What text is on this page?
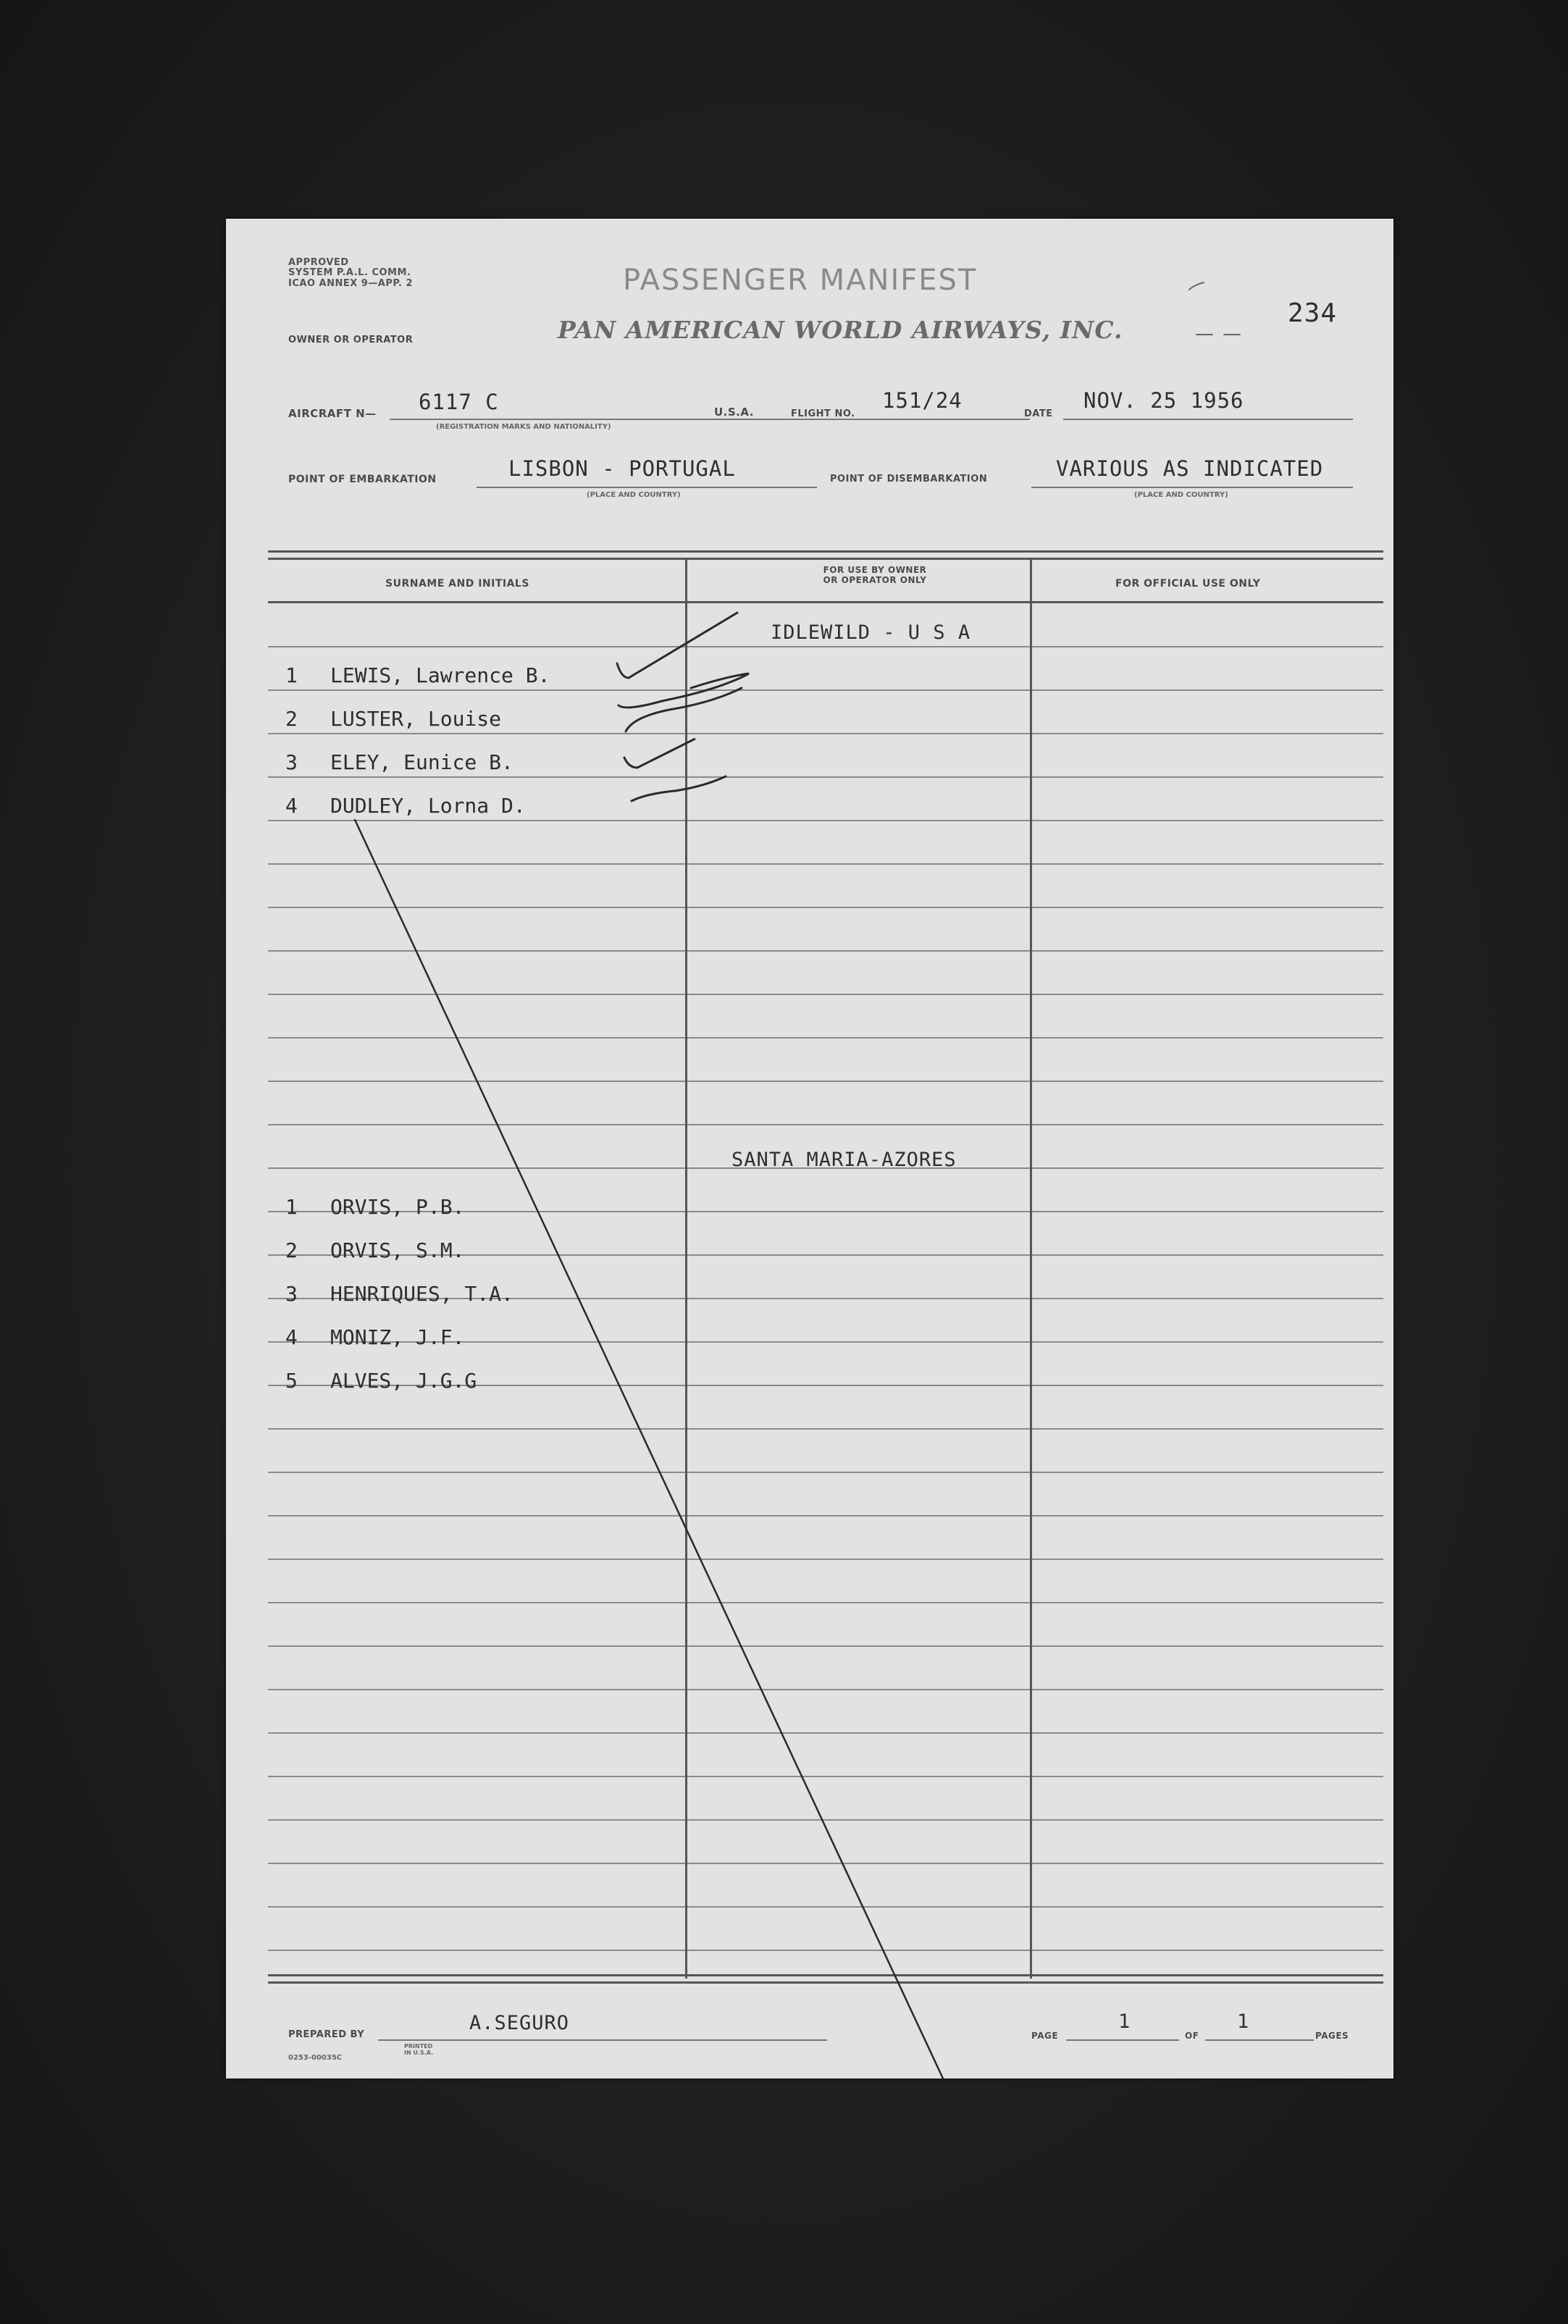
APPROVED
SYSTEM P.A.L. COMM.
ICAO ANNEX 9—APP. 2
OWNER OR OPERATOR
PASSENGER MANIFEST
PAN AMERICAN WORLD AIRWAYS, INC.
234
AIRCRAFT N— 6117 C
(REGISTRATION MARKS AND NATIONALITY)
U.S.A.	FLIGHT NO.
151/24
DATE
NOV. 25 1956
POINT OF EMBARKATION	LISBON - PORTUGAL
(PLACE AND COUNTRY)
POINT OF DISEMBARKATION	VARIOUS AS INDICATED
(PLACE AND COUNTRY)
SURNAME AND INITIALS
FOR USE BY OWNER
OR OPERATOR ONLY	FOR OFFICIAL USE ONLY
IDLEWILD - U S A
1 LEWIS, Lawrence B.
2 LUSTER, Louise
3 ELEY, Eunice B.
4 DUDLEY, Lorna D.
SANTA MARIA-AZORES
1 ORVIS, P.B.
2 ORVIS, S.M.
3 HENRIQUES, T.A.
4 MONIZ, J.F.
5 ALVES, J.G.G
PREPARED BY
A.SEGURO
0253-00035C
PRINTED IN U.S.A.
PAGE
1
OF
1
PAGES
